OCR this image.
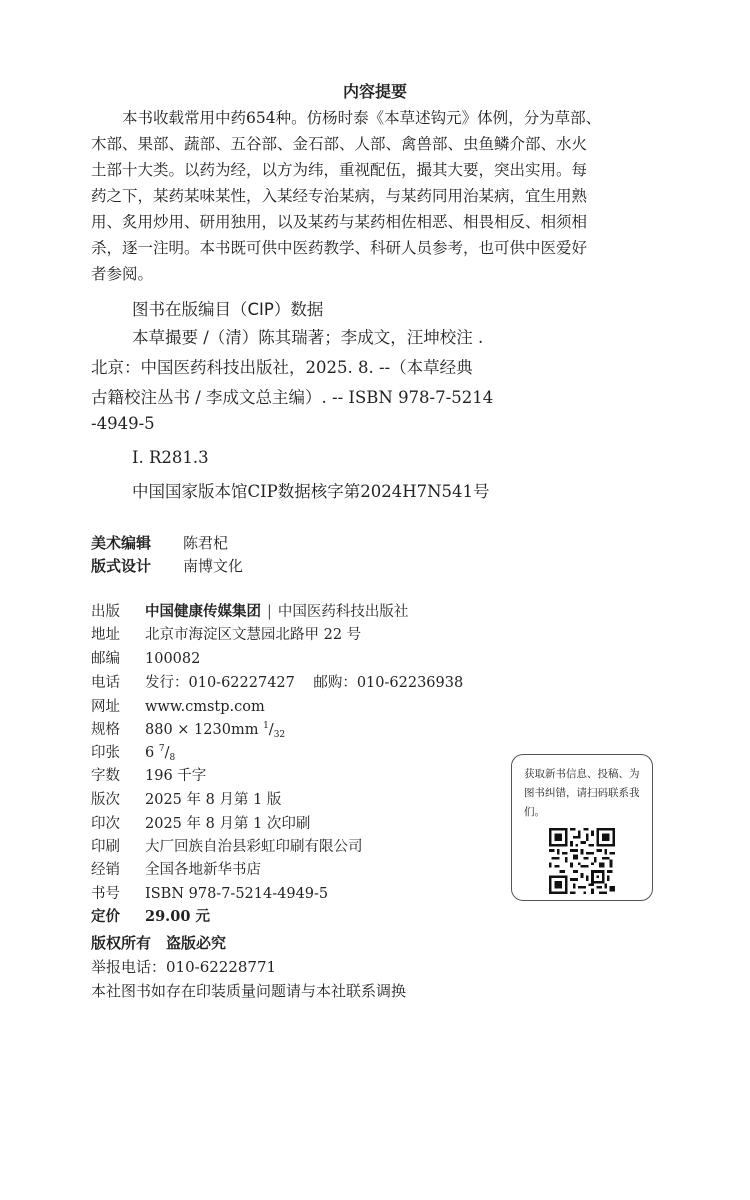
内容提要
本书收载常用中药654种。仿杨时泰《本草述钩元》体例，分为草部、
木部、果部、蔬部、五谷部、金石部、人部、禽兽部、虫鱼鳞介部、水火
土部十大类。以药为经，以方为纬，重视配伍，撮其大要，突出实用。每
药之下，某药某味某性，入某经专治某病，与某药同用治某病，宜生用熟
用、炙用炒用、研用独用，以及某药与某药相佐相恶、相畏相反、相须相
杀，逐一注明。本书既可供中医药教学、科研人员参考，也可供中医爱好
者参阅。
图书在版编目（CIP）数据
本草撮要 /（清）陈其瑞著；李成文，汪坤校注 .
北京：中国医药科技出版社，2025. 8. --（本草经典
古籍校注丛书 / 李成文总主编）. -- ISBN 978-7-5214
-4949-5
Ⅰ. R281.3
中国国家版本馆CIP数据核字第2024H7N541号
美术编辑 陈君杞
版式设计 南博文化
出版 中国健康传媒集团 | 中国医药科技出版社
地址 北京市海淀区文慧园北路甲 22 号
邮编 100082
电话 发行：010-62227427    邮购：010-62236938
网址 www.cmstp.com
规格 880 × 1230mm $^1/_{32}$
印张 6 $^7/_8$
字数 196 千字
版次 2025 年 8 月第 1 版
印次 2025 年 8 月第 1 次印刷
印刷 大厂回族自治县彩虹印刷有限公司
经销 全国各地新华书店
书号 ISBN 978-7-5214-4949-5
定价 29.00 元
版权所有　盗版必究
举报电话：010-62228771
本社图书如存在印装质量问题请与本社联系调换
获取新书信息、投稿、为图书纠错，请扫码联系我们。
